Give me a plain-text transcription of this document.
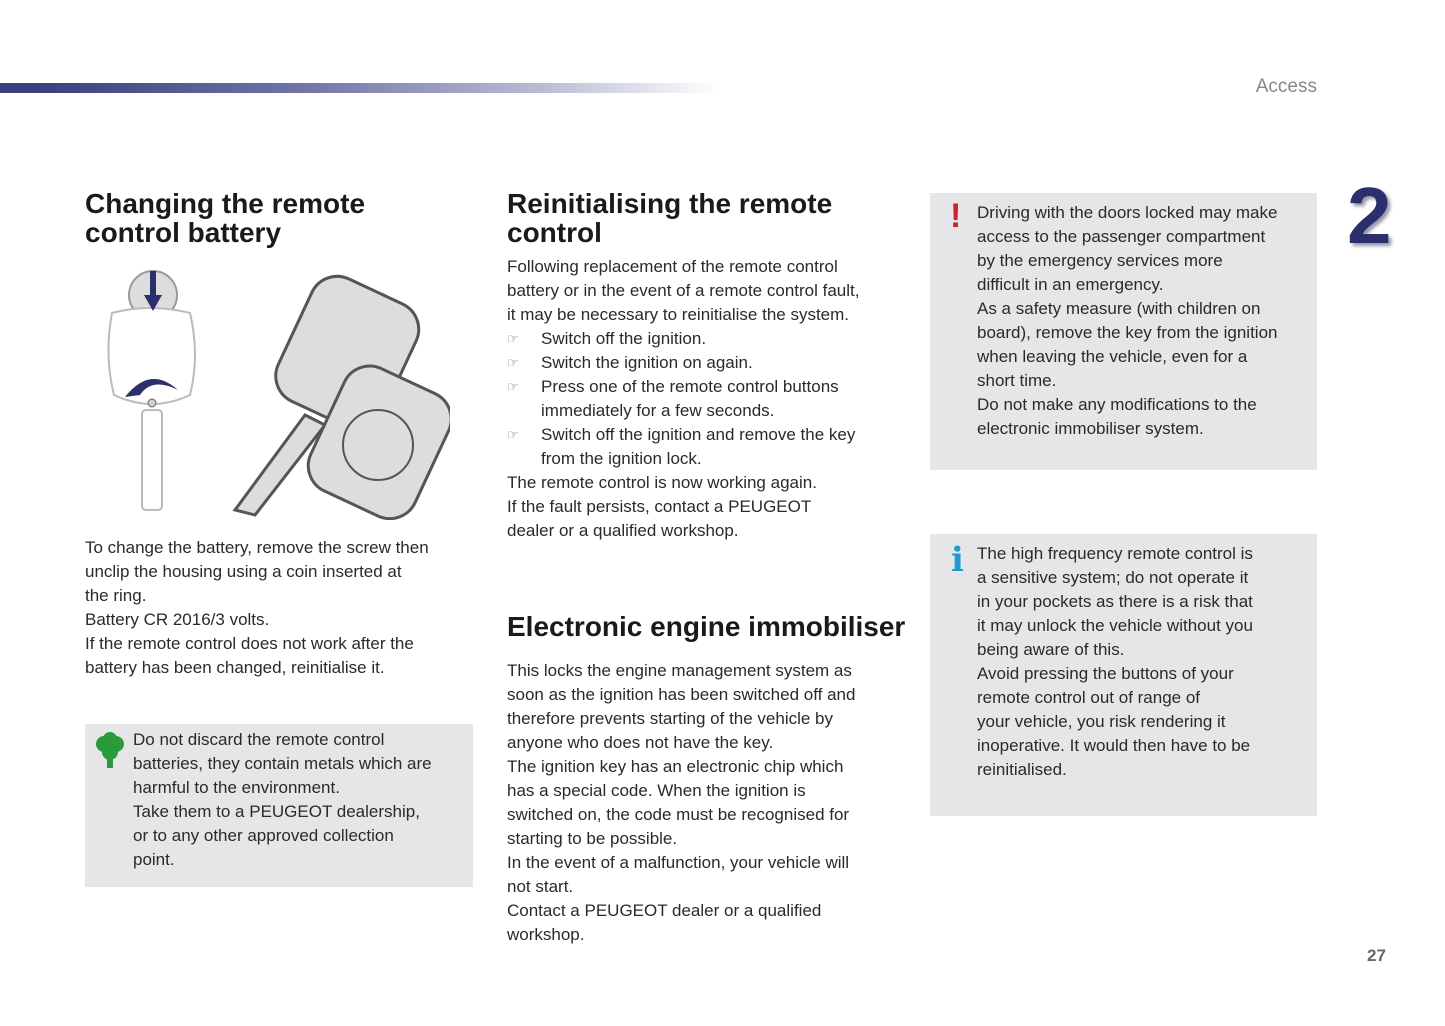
Access
2
27
Changing the remote
control battery
To change the battery, remove the screw then
unclip the housing using a coin inserted at
the ring.
Battery CR 2016/3 volts.
If the remote control does not work after the
battery has been changed, reinitialise it.
Do not discard the remote control
batteries, they contain metals which are
harmful to the environment.
Take them to a PEUGEOT dealership,
or to any other approved collection
point.
Reinitialising the remote
control
Following replacement of the remote control
battery or in the event of a remote control fault,
it may be necessary to reinitialise the system.
☞ Switch off the ignition.
☞ Switch the ignition on again.
☞ Press one of the remote control buttons
immediately for a few seconds.
☞ Switch off the ignition and remove the key
from the ignition lock.
The remote control is now working again.
If the fault persists, contact a PEUGEOT
dealer or a qualified workshop.
Electronic engine immobiliser
This locks the engine management system as
soon as the ignition has been switched off and
therefore prevents starting of the vehicle by
anyone who does not have the key.
The ignition key has an electronic chip which
has a special code. When the ignition is
switched on, the code must be recognised for
starting to be possible.
In the event of a malfunction, your vehicle will
not start.
Contact a PEUGEOT dealer or a qualified
workshop.
! Driving with the doors locked may make
access to the passenger compartment
by the emergency services more
difficult in an emergency.
As a safety measure (with children on
board), remove the key from the ignition
when leaving the vehicle, even for a
short time.
Do not make any modifications to the
electronic immobiliser system.
i The high frequency remote control is
a sensitive system; do not operate it
in your pockets as there is a risk that
it may unlock the vehicle without you
being aware of this.
Avoid pressing the buttons of your
remote control out of range of
your vehicle, you risk rendering it
inoperative. It would then have to be
reinitialised.
